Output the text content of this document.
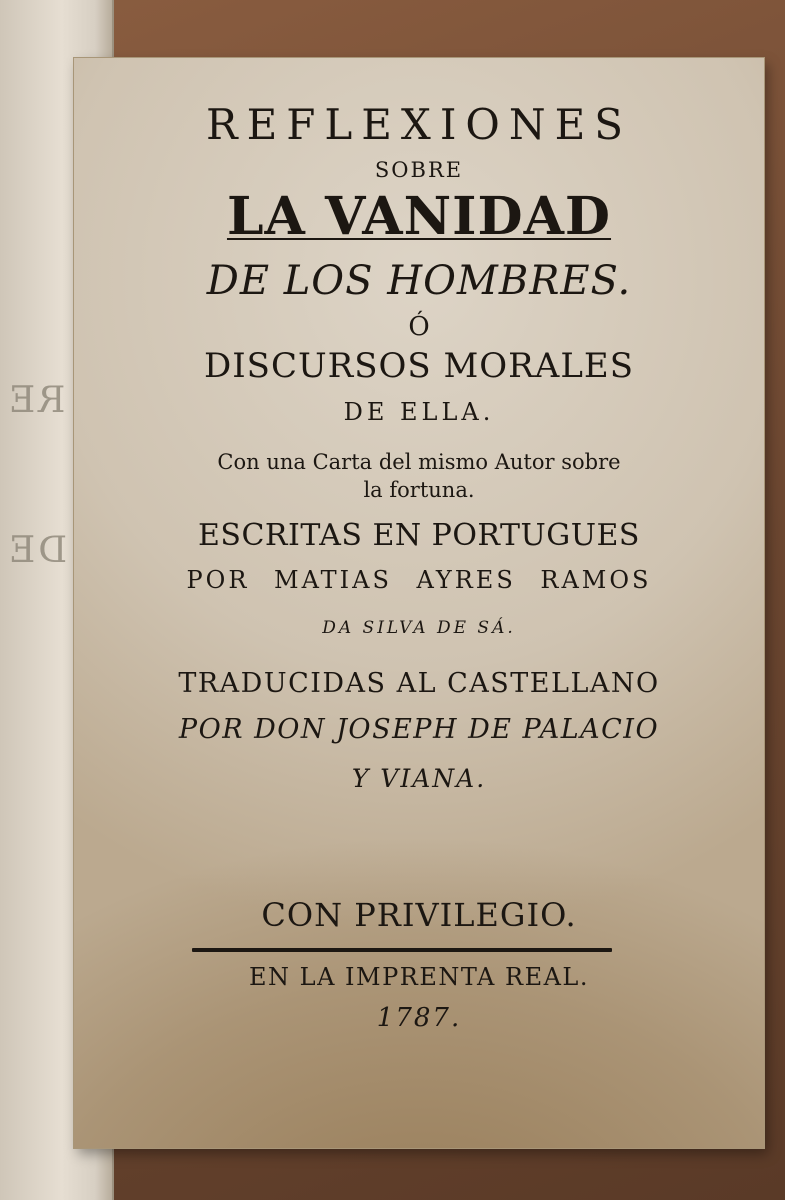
RE
DE
REFLEXIONES
SOBRE
LA VANIDAD
DE LOS HOMBRES.
Ó
DISCURSOS MORALES
DE ELLA.
Con una Carta del mismo Autor sobre
la fortuna.
ESCRITAS EN PORTUGUES
POR MATIAS AYRES RAMOS
DA SILVA DE SÁ.
TRADUCIDAS AL CASTELLANO
POR DON JOSEPH DE PALACIO
Y VIANA.
CON PRIVILEGIO.
EN LA IMPRENTA REAL.
1787.
